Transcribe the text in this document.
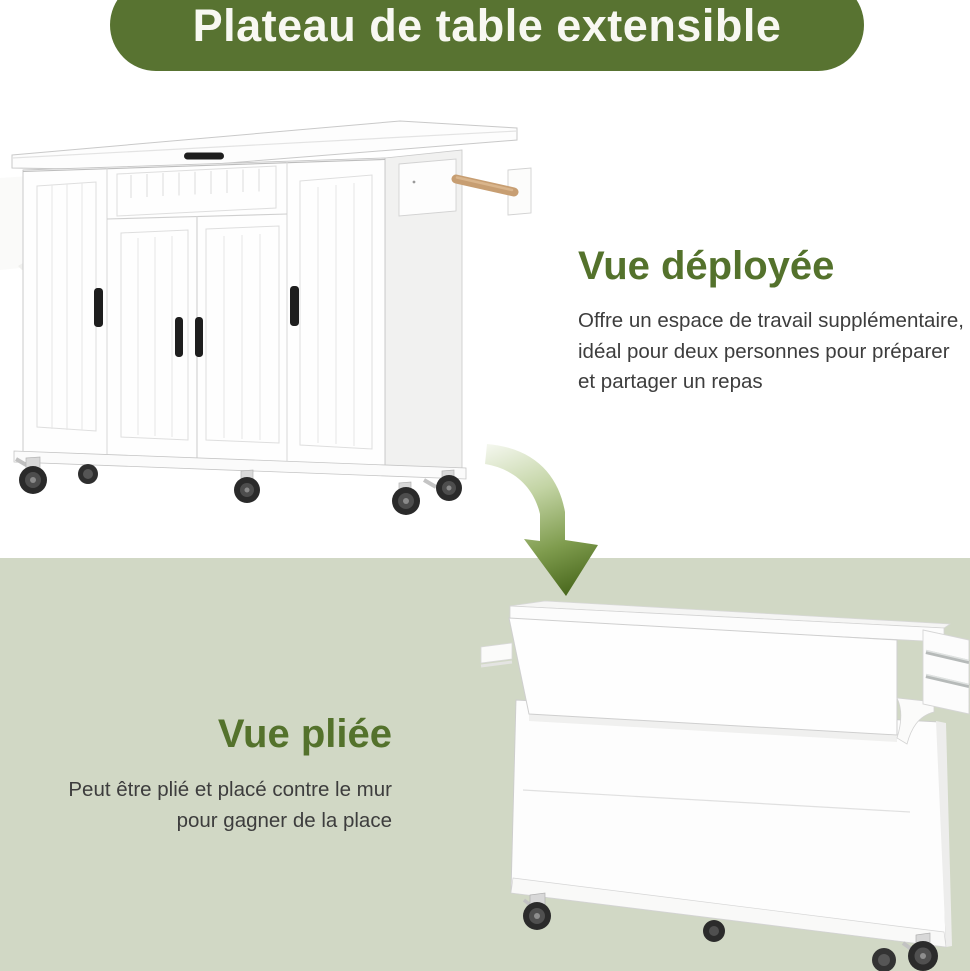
Plateau de table extensible
Vue déployée
Offre un espace de travail supplémentaire,
idéal pour deux personnes pour préparer
et partager un repas
Vue pliée
Peut être plié et placé contre le mur
pour gagner de la place
